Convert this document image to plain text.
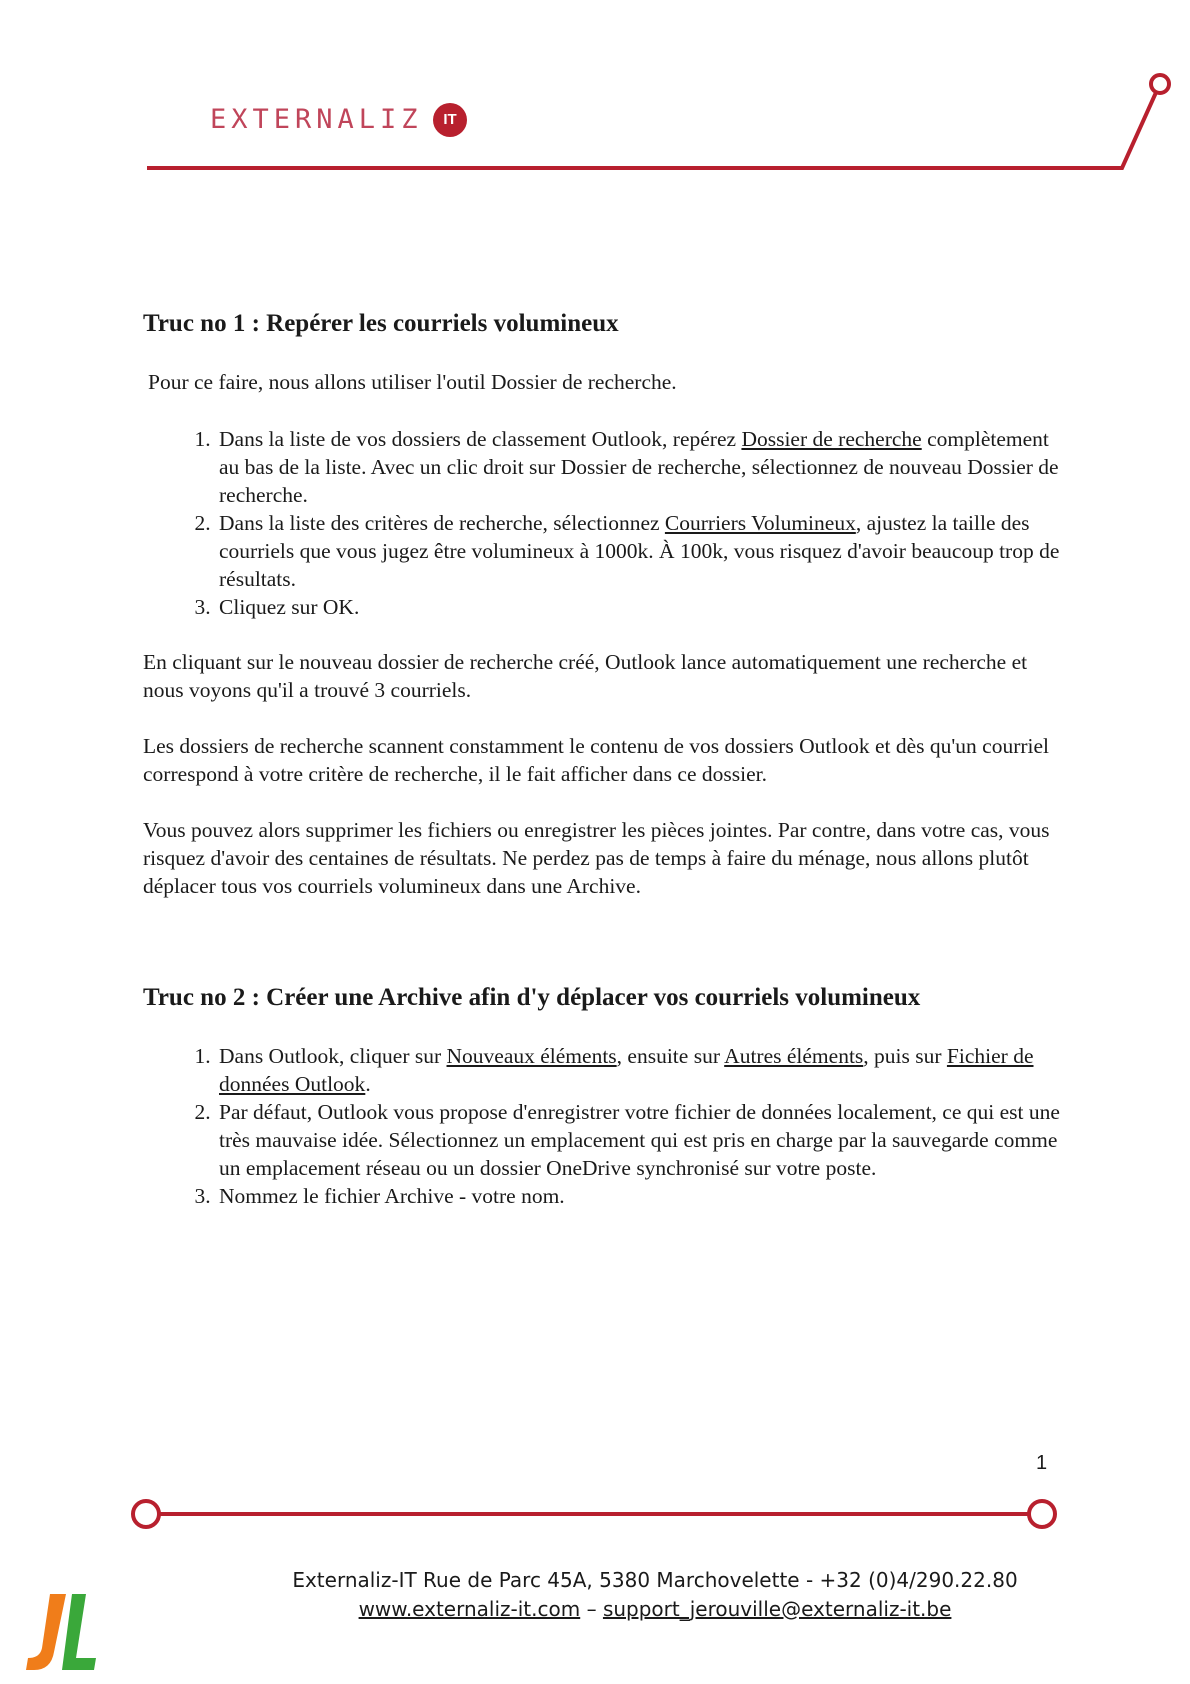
EXTERNALIZ	IT
Truc no 1 : Repérer les courriels volumineux

Pour ce faire, nous allons utiliser l'outil Dossier de recherche.

1. Dans la liste de vos dossiers de classement Outlook, repérez Dossier de recherche complètement au bas de la liste. Avec un clic droit sur Dossier de recherche, sélectionnez de nouveau Dossier de recherche.
2. Dans la liste des critères de recherche, sélectionnez Courriers Volumineux, ajustez la taille des courriels que vous jugez être volumineux à 1000k. À 100k, vous risquez d'avoir beaucoup trop de résultats.
3. Cliquez sur OK.

En cliquant sur le nouveau dossier de recherche créé, Outlook lance automatiquement une recherche et nous voyons qu'il a trouvé 3 courriels.

Les dossiers de recherche scannent constamment le contenu de vos dossiers Outlook et dès qu'un courriel correspond à votre critère de recherche, il le fait afficher dans ce dossier.

Vous pouvez alors supprimer les fichiers ou enregistrer les pièces jointes. Par contre, dans votre cas, vous risquez d'avoir des centaines de résultats. Ne perdez pas de temps à faire du ménage, nous allons plutôt déplacer tous vos courriels volumineux dans une Archive.

Truc no 2 : Créer une Archive afin d'y déplacer vos courriels volumineux
1. Dans Outlook, cliquer sur Nouveaux éléments, ensuite sur Autres éléments, puis sur Fichier de données Outlook.
2. Par défaut, Outlook vous propose d'enregistrer votre fichier de données localement, ce qui est une très mauvaise idée. Sélectionnez un emplacement qui est pris en charge par la sauvegarde comme un emplacement réseau ou un dossier OneDrive synchronisé sur votre poste.
3. Nommez le fichier Archive - votre nom.
1
Externaliz-IT Rue de Parc 45A, 5380 Marchovelette - +32 (0)4/290.22.80
www.externaliz-it.com – support_jerouville@externaliz-it.be
